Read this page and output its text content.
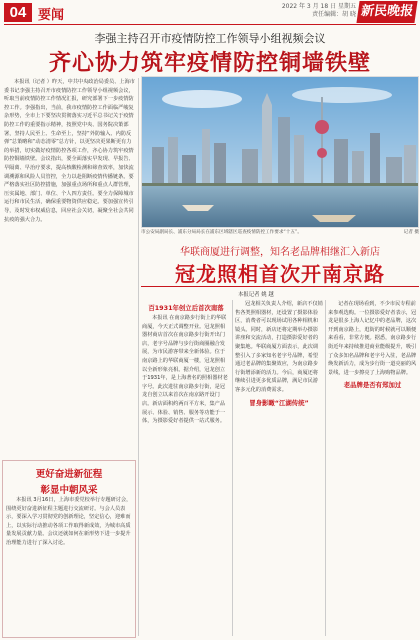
04 要闻
2022 年 3 月 18 日 星期五
责任编辑：胡 晓 新民晚报
李强主持召开市疫情防控工作领导小组视频会议
齐心协力筑牢疫情防控铜墙铁壁

本报讯（记者 ）昨天，中共中央政治局委员、上海市委书记李强主持召开市疫情防控工作领导小组视频会议，听取当前疫情防控工作情况汇报，研究部署下一步疫情防控工作。李强指出，当前，我市疫情防控工作面临严峻复杂形势，全市上下要坚决贯彻落实习近平总书记关于疫情防控工作的重要指示精神，按照党中央、国务院决策部署，坚持人民至上、生命至上，坚持“外防输入、内防反弹”总策略和“动态清零”总方针，以更坚决更果断更有力的举措，切实做好疫情防控各项工作，齐心协力筑牢疫情防控铜墙铁壁。会议指出，要全面落实早发现、早报告、早隔离、早治疗要求，提高核酸检测和筛查效率，加快流调溯源和风险人员管控，全力以赴阻断疫情传播链条。要严格落实社区防控措施，加强重点场所和重点人群管理，压实属地、部门、单位、个人四方责任。要全力保障城市运行和市民生活，确保重要物资供应稳定。要加强宣传引导，及时发布权威信息，回应社会关切，凝聚全社会共同抗疫的强大合力。

市公安局副局长、浦东分局局长在浦东区域辖区巡查疫情防控工作要求“十五”。	记者 摄
华联商厦进行调整，知名老品牌相继汇入新店
冠龙照相首次开南京路
本报记者 姚 越
百1931年创立后首次南落

本报讯 在南京路步行街上的华联商厦，今天正式调整开业。冠龙照相器材商店首次在南京路步行街开出门店，老字号品牌与步行街商圈融合发展，为市民游客带来全新体验。位于南京路上的华联商厦一楼，冠龙照相以全新形象亮相。据介绍，冠龙创立于1931年，是上海著名的照相器材老字号。此次进驻南京路步行街，是冠龙自创立以来首次在南京路开设门店。新店面积约两百平方米，集产品展示、体验、销售、服务等功能于一体，为摄影爱好者提供一站式服务。

冠龙相关负责人介绍，新店不仅销售各类照相器材，还设置了摄影体验区，消费者可以现场试用各种相机和镜头。同时，新店还将定期举办摄影讲座和交流活动，打造摄影爱好者的聚集地。华联商厦方面表示，此次调整引入了多家知名老字号品牌，希望通过老品牌的集聚效应，为南京路步行街增添新的活力。今后，商厦还将继续引进更多优质品牌，满足市民游客多元化的消费需求。

冒身影瞰“江湖传统”

记者在现场看到，不少市民专程前来参观选购。一位摄影爱好者表示，冠龙是很多上海人记忆中的老品牌，这次开到南京路上，逛街的时候就可以顺便来看看，非常方便。据悉，南京路步行街近年来持续推进商业能级提升，吸引了众多知名品牌和老字号入驻，老品牌焕发新活力，成为步行街一道亮丽的风景线，进一步擦亮了上海购物品牌。

老品牌是否有郑加过
更好奋进新征程
彰显中朝风采

本报讯 3月16日，上海市委党校举行专题研讨会，围绕更好奋进新征程主题进行交流研讨。与会人员表示，要深入学习贯彻党的创新理论，坚定信心，迎难而上，以实际行动推动各项工作取得新成效，为城市高质量发展贡献力量。会议还就如何在新形势下进一步提升治理能力进行了深入讨论。
